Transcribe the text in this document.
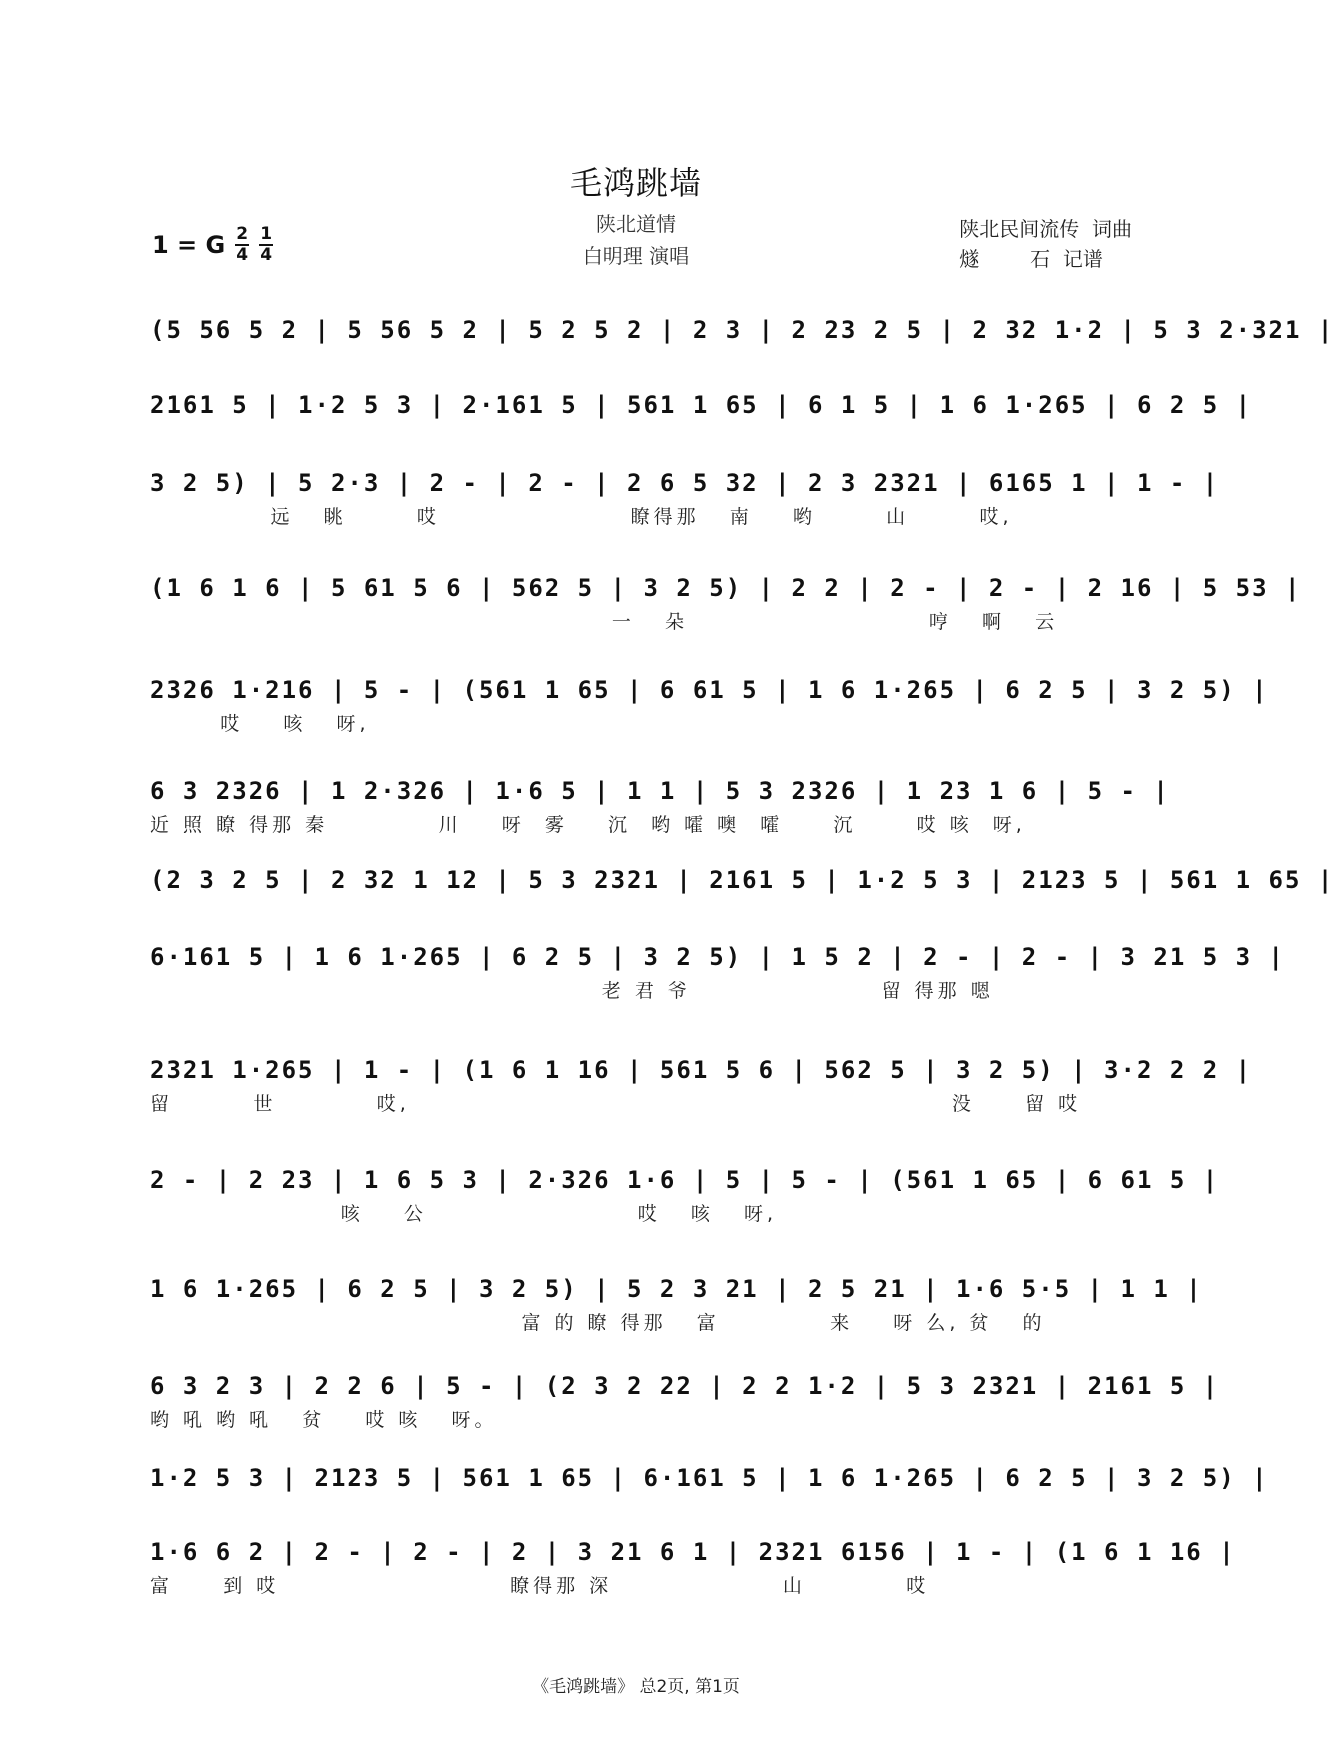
毛鸿跳墙
陕北道情
白明理 演唱
陕北民间流传  词曲
燧        石  记谱
1 = G $\frac{2}{4} \frac{1}{4}$
(5 56 5 2 | 5 56 5 2 | 5 2 5 2 | 2 3 | 2 23 2 5 | 2 32 1·2 | 5 3 2·321 |
2161 5 | 1·2 5 3 | 2·161 5 | 561 1 65 | 6 1 5 | 1 6 1·265 | 6 2 5 |
3 2 5) | 5 2·3 | 2 - | 2 - | 2 6 5 32 | 2 3 2321 | 6165 1 | 1 - |
远   眺       哎                   瞭得那   南    哟       山       哎,
(1 6 1 6 | 5 61 5 6 | 562 5 | 3 2 5) | 2 2 | 2 - | 2 - | 2 16 | 5 53 |
一   朵                        哼   啊   云
2326 1·216 | 5 - | (561 1 65 | 6 61 5 | 1 6 1·265 | 6 2 5 | 3 2 5) |
哎    咳   呀,
6 3 2326 | 1 2·326 | 1·6 5 | 1 1 | 5 3 2326 | 1 23 1 6 | 5 - |
近 照 瞭 得那 秦           川    呀  雾    沉  哟 嚯 噢  嚯     沉      哎 咳  呀,
(2 3 2 5 | 2 32 1 12 | 5 3 2321 | 2161 5 | 1·2 5 3 | 2123 5 | 561 1 65 |
6·161 5 | 1 6 1·265 | 6 2 5 | 3 2 5) | 1 5 2 | 2 - | 2 - | 3 21 5 3 |
老 君 爷                   留 得那 嗯
2321 1·265 | 1 - | (1 6 1 16 | 561 5 6 | 562 5 | 3 2 5) | 3·2 2 2 |
留        世          哎,                                                      没     留 哎
2 - | 2 23 | 1 6 5 3 | 2·326 1·6 | 5 | 5 - | (561 1 65 | 6 61 5 |
咳    公                     哎   咳   呀,
1 6 1·265 | 6 2 5 | 3 2 5) | 5 2 3 21 | 2 5 21 | 1·6 5·5 | 1 1 |
富 的 瞭 得那   富           来    呀 么, 贫   的
6 3 2 3 | 2 2 6 | 5 - | (2 3 2 22 | 2 2 1·2 | 5 3 2321 | 2161 5 |
哟 吼 哟 吼   贫    哎 咳   呀。
1·2 5 3 | 2123 5 | 561 1 65 | 6·161 5 | 1 6 1·265 | 6 2 5 | 3 2 5) |
1·6 6 2 | 2 - | 2 - | 2 | 3 21 6 1 | 2321 6156 | 1 - | (1 6 1 16 |
富     到 哎                       瞭得那 深                 山          哎
《毛鸿跳墙》 总2页, 第1页
